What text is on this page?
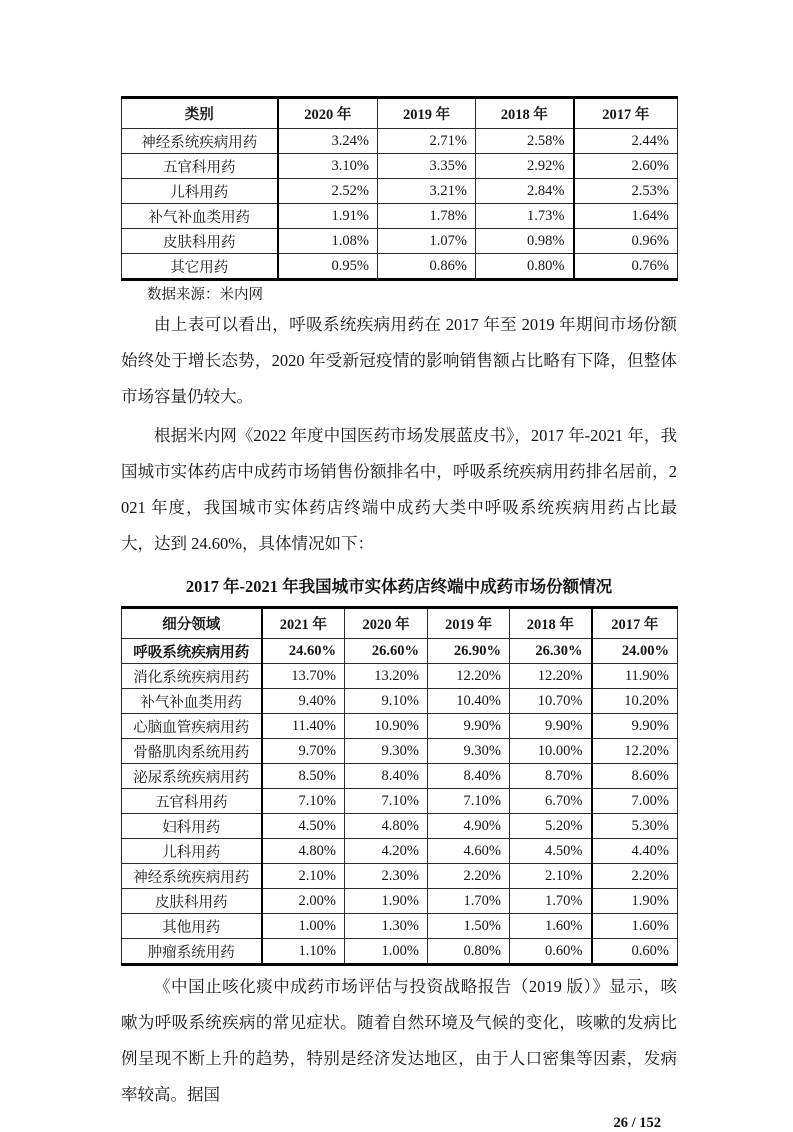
类别	2020 年	2019 年	2018 年	2017 年
神经系统疾病用药	3.24%	2.71%	2.58%	2.44%
五官科用药	3.10%	3.35%	2.92%	2.60%
儿科用药	2.52%	3.21%	2.84%	2.53%
补气补血类用药	1.91%	1.78%	1.73%	1.64%
皮肤科用药	1.08%	1.07%	0.98%	0.96%
其它用药	0.95%	0.86%	0.80%	0.76%
数据来源：米内网

由上表可以看出，呼吸系统疾病用药在 2017 年至 2019 年期间市场份额始终处于增长态势，2020 年受新冠疫情的影响销售额占比略有下降，但整体市场容量仍较大。

根据米内网《2022 年度中国医药市场发展蓝皮书》，2017 年-2021 年，我国城市实体药店中成药市场销售份额排名中，呼吸系统疾病用药排名居前，2021 年度，我国城市实体药店终端中成药大类中呼吸系统疾病用药占比最大，达到 24.60%，具体情况如下：

2017 年-2021 年我国城市实体药店终端中成药市场份额情况
细分领域	2021 年	2020 年	2019 年	2018 年	2017 年
呼吸系统疾病用药	24.60%	26.60%	26.90%	26.30%	24.00%
消化系统疾病用药	13.70%	13.20%	12.20%	12.20%	11.90%
补气补血类用药	9.40%	9.10%	10.40%	10.70%	10.20%
心脑血管疾病用药	11.40%	10.90%	9.90%	9.90%	9.90%
骨骼肌肉系统用药	9.70%	9.30%	9.30%	10.00%	12.20%
泌尿系统疾病用药	8.50%	8.40%	8.40%	8.70%	8.60%
五官科用药	7.10%	7.10%	7.10%	6.70%	7.00%
妇科用药	4.50%	4.80%	4.90%	5.20%	5.30%
儿科用药	4.80%	4.20%	4.60%	4.50%	4.40%
神经系统疾病用药	2.10%	2.30%	2.20%	2.10%	2.20%
皮肤科用药	2.00%	1.90%	1.70%	1.70%	1.90%
其他用药	1.00%	1.30%	1.50%	1.60%	1.60%
肿瘤系统用药	1.10%	1.00%	0.80%	0.60%	0.60%

《中国止咳化痰中成药市场评估与投资战略报告（2019 版）》显示，咳嗽为呼吸系统疾病的常见症状。随着自然环境及气候的变化，咳嗽的发病比例呈现不断上升的趋势，特别是经济发达地区，由于人口密集等因素，发病率较高。据国

26 / 152
